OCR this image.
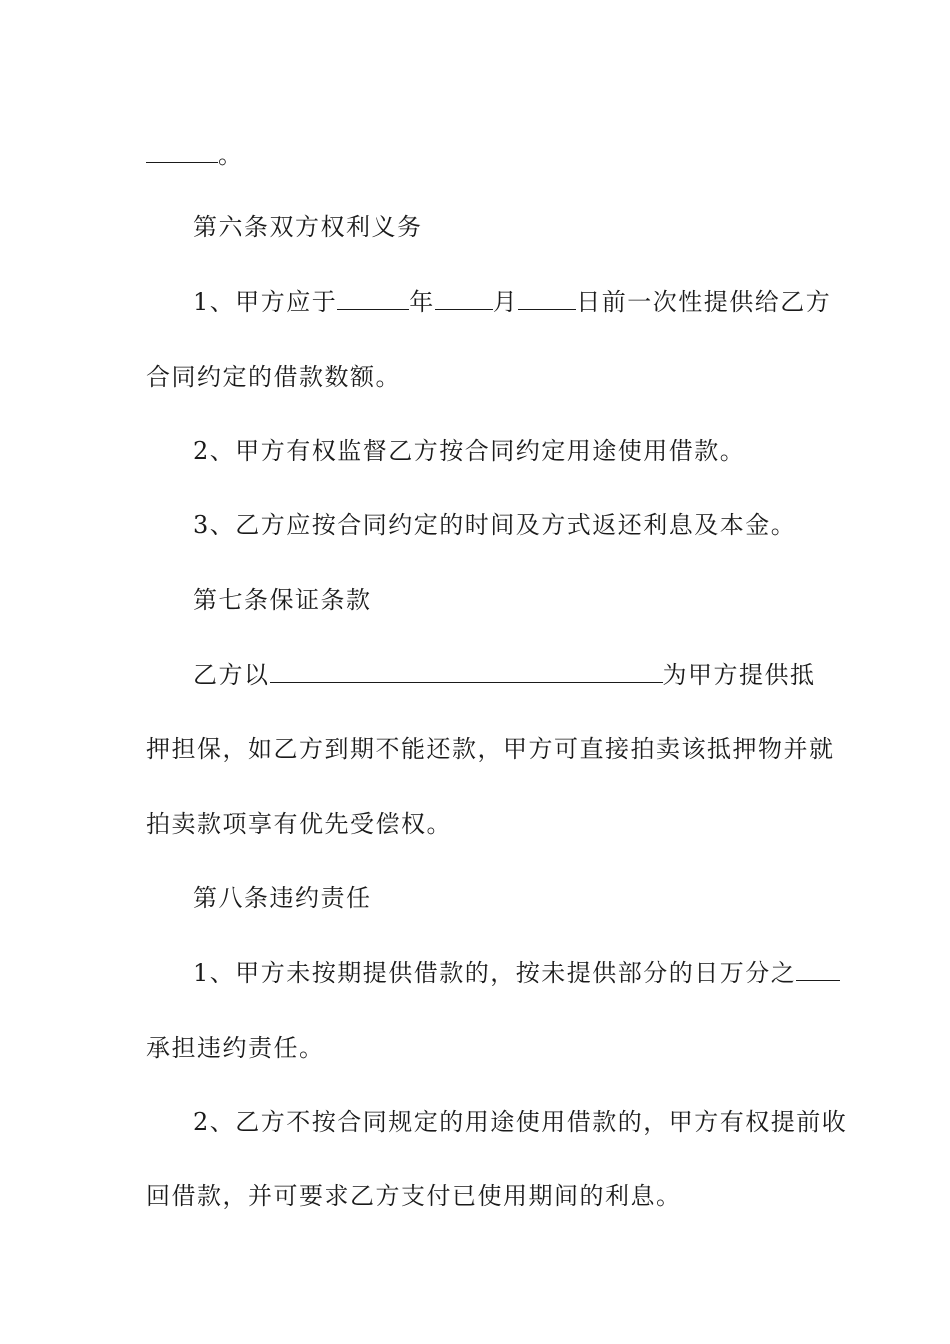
。
第六条双方权利义务
1、甲方应于	年 月 日前一次性提供给乙方
合同约定的借款数额。
2、甲方有权监督乙方按合同约定用途使用借款。
3、乙方应按合同约定的时间及方式返还利息及本金。
第七条保证条款
乙方以	为甲方提供抵
押担保，如乙方到期不能还款，甲方可直接拍卖该抵押物并就
拍卖款项享有优先受偿权。
第八条违约责任
1、甲方未按期提供借款的，按未提供部分的日万分之
承担违约责任。
2、乙方不按合同规定的用途使用借款的，甲方有权提前收
回借款，并可要求乙方支付已使用期间的利息。
